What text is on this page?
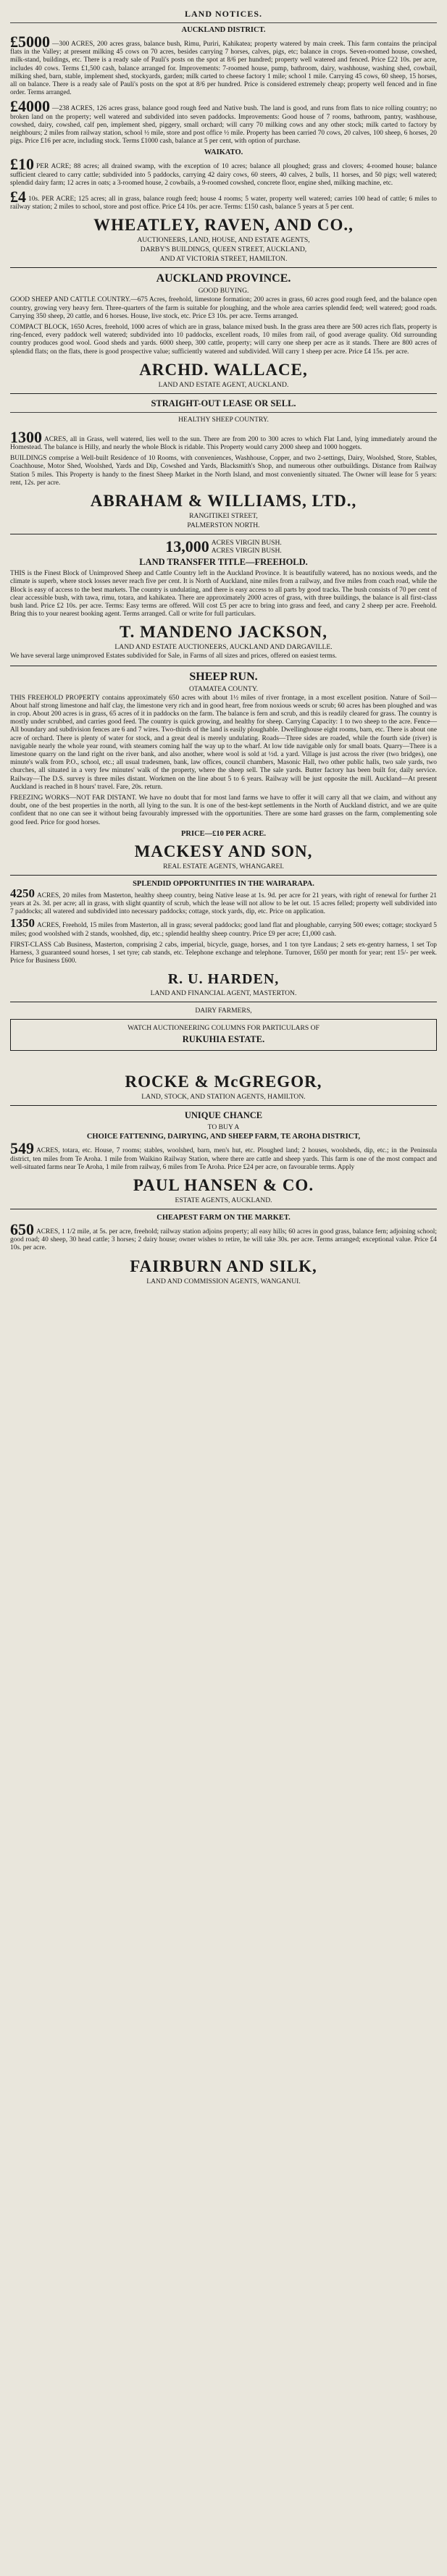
LAND NOTICES.
AUCKLAND DISTRICT.

£5000 —300 ACRES, 200 acres grass, balance bush, Rimu, Puriri, Kahikatea; property watered by main creek. This farm contains the principal flats in the Valley; at present milking 45 cows on 70 acres, besides carrying 7 horses, calves, pigs, etc; balance in crops. Seven-roomed house, cowshed, milk-stand, buildings, etc. There is a ready sale of Pauli's posts on the spot at 8/6 per hundred; property well watered and fenced. Price £22 10s. per acre, includes 40 cows. Terms £1,500 cash, balance arranged for. Improvements: 7-roomed house, pump, bathroom, dairy, washhouse, washing shed, cowbail, milking shed, barn, stable, implement shed, stockyards, garden; milk carted to cheese factory 1 mile; school 1 mile. Carrying 45 cows, 60 sheep, 15 horses, all on balance. There is a ready sale of Pauli's posts on the spot at 8/6 per hundred. Price is considered extremely cheap; property well fenced and in fine order. Terms arranged.

£4000 —238 ACRES, 126 acres grass, balance good rough feed and Native bush. The land is good, and runs from flats to nice rolling country; no broken land on the property; well watered and subdivided into seven paddocks. Improvements: Good house of 7 rooms, bathroom, pantry, washhouse, cowshed, dairy, cowshed, calf pen, implement shed, piggery, small orchard; will carry 70 milking cows and any other stock; milk carted to factory by neighbours; 2 miles from railway station, school ½ mile, store and post office ½ mile. Property has been carried 70 cows, 20 calves, 100 sheep, 6 horses, 20 pigs. Price £16 per acre, including stock. Terms £1000 cash, balance at 5 per cent, with option of purchase.

WAIKATO.

£10 PER ACRE; 88 acres; all drained swamp, with the exception of 10 acres; balance all ploughed; grass and clovers; 4-roomed house; balance sufficient cleared to carry cattle; subdivided into 5 paddocks, carrying 42 dairy cows, 60 steers, 40 calves, 2 bulls, 11 horses, and 50 pigs; well watered; splendid dairy farm; 12 acres in oats; a 3-roomed house, 2 cowbails, a 9-roomed cowshed, concrete floor, engine shed, milking machine, etc.

£4 10s. PER ACRE; 125 acres; all in grass, balance rough feed; house 4 rooms; 5 water, property well watered; carries 100 head of cattle; 6 miles to railway station; 2 miles to school, store and post office. Price £4 10s. per acre. Terms: £150 cash, balance 5 years at 5 per cent.

WHEATLEY, RAVEN, AND CO.,
AUCTIONEERS, LAND, HOUSE, AND ESTATE AGENTS,
DARBY'S BUILDINGS, QUEEN STREET, AUCKLAND,
AND AT VICTORIA STREET, HAMILTON.
AUCKLAND PROVINCE.
GOOD BUYING.

GOOD SHEEP AND CATTLE COUNTRY.—675 Acres, freehold, limestone formation; 200 acres in grass, 60 acres good rough feed, and the balance open country, growing very heavy fern. Three-quarters of the farm is suitable for ploughing, and the whole area carries splendid feed; well watered; good roads. Carrying 350 sheep, 20 cattle, and 6 horses. House, live stock, etc. Price £3 10s. per acre. Terms arranged.

COMPACT BLOCK, 1650 Acres, freehold, 1000 acres of which are in grass, balance mixed bush. In the grass area there are 500 acres rich flats, property is ring-fenced, every paddock well watered; subdivided into 10 paddocks, excellent roads, 10 miles from rail, of good average quality. Old surrounding country produces good wool. Good sheds and yards. 6000 sheep, 300 cattle, property; will carry one sheep per acre as it stands. There are 800 acres of splendid flats; on the flats, there is good prospective value; sufficiently watered and subdivided. Will carry 1 sheep per acre. Price £4 15s. per acre.

ARCHD. WALLACE,
LAND AND ESTATE AGENT, AUCKLAND.
STRAIGHT-OUT LEASE OR SELL.
HEALTHY SHEEP COUNTRY.

1300 ACRES, all in Grass, well watered, lies well to the sun. There are from 200 to 300 acres to which Flat Land, lying immediately around the Homestead. The balance is Hilly, and nearly the whole Block is ridable. This Property would carry 2000 sheep and 1000 hoggets.

BUILDINGS comprise a Well-built Residence of 10 Rooms, with conveniences, Washhouse, Copper, and two 2-settings, Dairy, Woolshed, Store, Stables, Coachhouse, Motor Shed, Woolshed, Yards and Dip, Cowshed and Yards, Blacksmith's Shop, and numerous other outbuildings. Distance from Railway Station 5 miles. This Property is handy to the finest Sheep Market in the North Island, and most conveniently situated. The Owner will lease for 5 years: rent, 12s. per acre.

ABRAHAM & WILLIAMS, LTD.,
RANGITIKEI STREET,
PALMERSTON NORTH.
13,000 ACRES VIRGIN BUSH.
ACRES VIRGIN BUSH.
LAND TRANSFER TITLE—FREEHOLD.

THIS is the Finest Block of Unimproved Sheep and Cattle Country left in the Auckland Province. It is beautifully watered, has no noxious weeds, and the climate is superb, where stock losses never reach five per cent. It is North of Auckland, nine miles from a railway, and five miles from coach road, while the Block is easy of access to the best markets. The country is undulating, and there is easy access to all parts by good tracks. The bush consists of 70 per cent of clear accessible bush, with tawa, rimu, totara, and kahikatea. There are approximately 2000 acres of grass, with three buildings, the balance is all first-class bush land. Price £2 10s. per acre. Terms: Easy terms are offered. Will cost £5 per acre to bring into grass and feed, and carry 2 sheep per acre. Freehold. Bring this to your nearest booking agent. Terms arranged. Call or write for full particulars.

T. MANDENO JACKSON,
LAND AND ESTATE AUCTIONEERS, AUCKLAND AND DARGAVILLE.

We have several large unimproved Estates subdivided for Sale, in Farms of all sizes and prices, offered on easiest terms.

SHEEP RUN.
OTAMATEA COUNTY.

THIS FREEHOLD PROPERTY contains approximately 650 acres with about 1½ miles of river frontage, in a most excellent position. Nature of Soil—About half strong limestone and half clay, the limestone very rich and in good heart, free from noxious weeds or scrub; 60 acres has been ploughed and was in crop. About 200 acres is in grass, 65 acres of it in paddocks on the farm. The balance is fern and scrub, and this is readily cleared for grass. The country is mostly under scrubbed, and carries good feed. The country is quick growing, and healthy for sheep. Carrying Capacity: 1 to two sheep to the acre. Fence—All boundary and subdivision fences are 6 and 7 wires. Two-thirds of the land is easily ploughable. Dwellinghouse eight rooms, barn, etc. There is about one acre of orchard. There is plenty of water for stock, and a great deal is merely undulating. Roads—Three sides are roaded, while the fourth side (river) is navigable nearly the whole year round, with steamers coming half the way up to the wharf. At low tide navigable only for small boats. Quarry—There is a limestone quarry on the land right on the river bank, and also another, where wool is sold at ½d. a yard. Village is just across the river (two bridges), one minute's walk from P.O., school, etc.; all usual tradesmen, bank, law offices, council chambers, Masonic Hall, two other public halls, two sale yards, two churches, all situated in a very few minutes' walk of the property, where the sheep sell. The sale yards. Butter factory has been built for, daily service. Railway—The D.S. survey is three miles distant. Workmen on the line about 5 to 6 years. Railway will be just opposite the mill. Auckland—At present Auckland is reached in 8 hours' travel. Fare, 20s. return.

FREEZING WORKS—NOT FAR DISTANT. We have no doubt that for most land farms we have to offer it will carry all that we claim, and without any doubt, one of the best properties in the north, all lying to the sun. It is one of the best-kept settlements in the North of Auckland district, and we are quite confident that no one can see it without being favourably impressed with the opportunities. There are some hard grasses on the farm, complementing sole good feed. Price for good horses.

PRICE—£10 PER ACRE.
MACKESY AND SON,
REAL ESTATE AGENTS, WHANGAREI.
SPLENDID OPPORTUNITIES IN THE WAIRARAPA.

4250 ACRES, 20 miles from Masterton, healthy sheep country, being Native lease at 1s. 9d. per acre for 21 years, with right of renewal for further 21 years at 2s. 3d. per acre; all in grass, with slight quantity of scrub, which the lease will not allow to be let out. 15 acres felled; property well subdivided into 7 paddocks; all watered and subdivided into necessary paddocks; cottage, stock yards, dip, etc. Price on application.

1350 ACRES, Freehold, 15 miles from Masterton, all in grass; several paddocks; good land flat and ploughable, carrying 500 ewes; cottage; stockyard 5 miles; good woolshed with 2 stands, woolshed, dip, etc.; splendid healthy sheep country. Price £9 per acre; £1,000 cash.

FIRST-CLASS Cab Business, Masterton, comprising 2 cabs, imperial, bicycle, guage, horses, and 1 ton tyre Landaus; 2 sets ex-gentry harness, 1 set Top Harness, 3 guaranteed sound horses, 1 set tyre; cab stands, etc. Telephone exchange and telephone. Turnover, £650 per month for year; rent 15/- per week. Price for Business £600.

R. U. HARDEN,
LAND AND FINANCIAL AGENT, MASTERTON.
DAIRY FARMERS,
WATCH AUCTIONEERING COLUMNS FOR PARTICULARS OF
RUKUHIA ESTATE.
ROCKE & McGREGOR,
LAND, STOCK, AND STATION AGENTS, HAMILTON.
UNIQUE CHANCE
TO BUY A
CHOICE FATTENING, DAIRYING, AND SHEEP FARM, TE AROHA DISTRICT,

549 ACRES, totara, etc. House, 7 rooms; stables, woolshed, barn, men's hut, etc. Ploughed land; 2 houses, woolsheds, dip, etc.; in the Peninsula district, ten miles from Te Aroha. 1 mile from Waikino Railway Station, where there are cattle and sheep yards. This farm is one of the most compact and well-situated farms near Te Aroha, 1 mile from railway, 6 miles from Te Aroha. Price £24 per acre, on favourable terms. Apply

PAUL HANSEN & CO.
ESTATE AGENTS, AUCKLAND.
CHEAPEST FARM ON THE MARKET.

650 ACRES, 1 1/2 mile, at 5s. per acre, freehold; railway station adjoins property; all easy hills; 60 acres in good grass, balance fern; adjoining school; good road; 40 sheep, 30 head cattle; 3 horses; 2 dairy house; owner wishes to retire, he will take 30s. per acre. Terms arranged; exceptional value. Price £4 10s. per acre.

FAIRBURN AND SILK,
LAND AND COMMISSION AGENTS, WANGANUI.
